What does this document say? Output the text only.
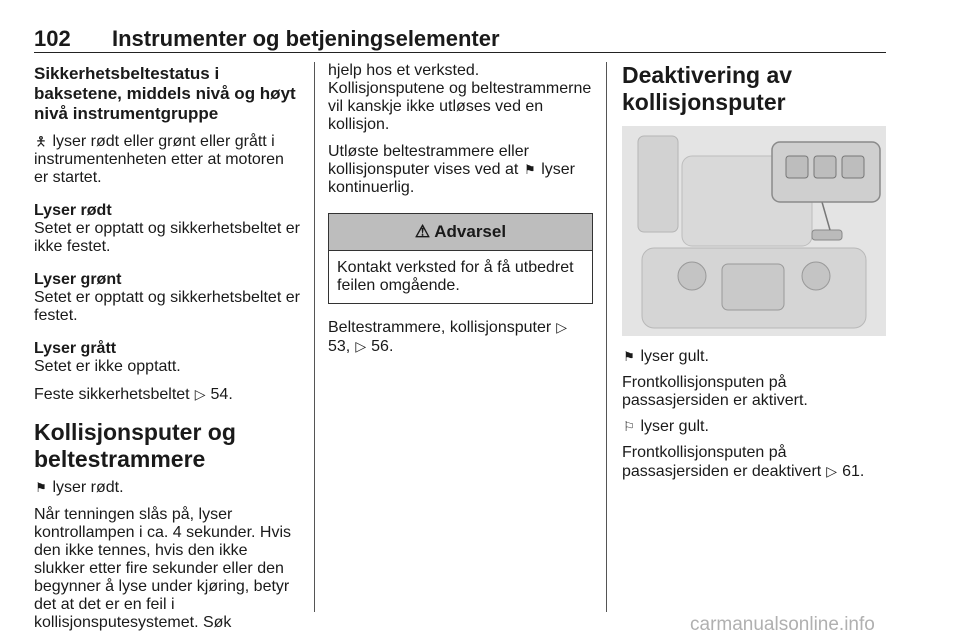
102 Instrumenter og betjeningselementer

Sikkerhetsbeltestatus i baksetene, middels nivå og høyt nivå instrumentgruppe

🯅 lyser rødt eller grønt eller grått i instrumentenheten etter at motoren er startet.

Lyser rødt

Setet er opptatt og sikkerhetsbeltet er ikke festet.

Lyser grønt

Setet er opptatt og sikkerhetsbeltet er festet.

Lyser grått

Setet er ikke opptatt.

Feste sikkerhetsbeltet ▷ 54.

Kollisjonsputer og beltestrammere

⚑ lyser rødt.

Når tenningen slås på, lyser kontrollampen i ca. 4 sekunder. Hvis den ikke tennes, hvis den ikke slukker etter fire sekunder eller den begynner å lyse under kjøring, betyr det at det er en feil i kollisjonsputesystemet. Søk

hjelp hos et verksted. Kollisjonsputene og beltestrammerne vil kanskje ikke utløses ved en kollisjon.

Utløste beltestrammere eller kollisjonsputer vises ved at ⚑ lyser kontinuerlig.

⚠ Advarsel
Kontakt verksted for å få utbedret feilen omgående.

Beltestrammere, kollisjonsputer ▷ 53, ▷ 56.

Deaktivering av kollisjonsputer

⚑ lyser gult.

Frontkollisjonsputen på passasjersiden er aktivert.

⚐ lyser gult.

Frontkollisjonsputen på passasjersiden er deaktivert ▷ 61.

carmanualsonline.info
